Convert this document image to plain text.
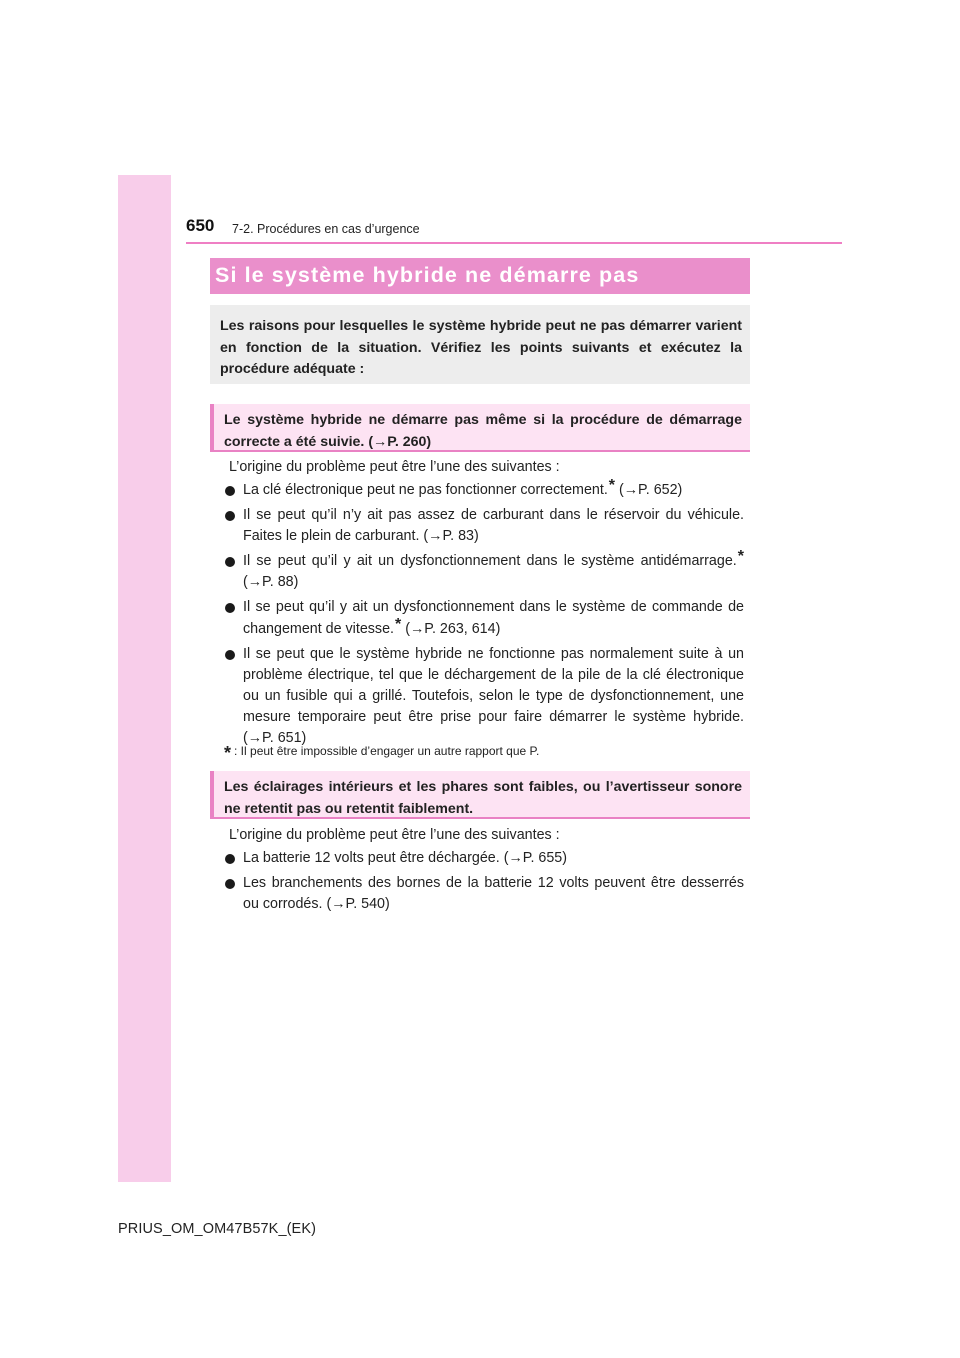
650 7-2. Procédures en cas d’urgence
Si le système hybride ne démarre pas
Les raisons pour lesquelles le système hybride peut ne pas démarrer varient en fonction de la situation. Vérifiez les points suivants et exécutez la procédure adéquate :
Le système hybride ne démarre pas même si la procédure de démarrage correcte a été suivie. (→P. 260)
L’origine du problème peut être l’une des suivantes :
La clé électronique peut ne pas fonctionner correctement.* (→P. 652)
Il se peut qu’il n’y ait pas assez de carburant dans le réservoir du véhicule. Faites le plein de carburant. (→P. 83)
Il se peut qu’il y ait un dysfonctionnement dans le système antidémarrage.* (→P. 88)
Il se peut qu’il y ait un dysfonctionnement dans le système de commande de changement de vitesse.* (→P. 263, 614)
Il se peut que le système hybride ne fonctionne pas normalement suite à un problème électrique, tel que le déchargement de la pile de la clé électronique ou un fusible qui a grillé. Toutefois, selon le type de dysfonctionnement, une mesure temporaire peut être prise pour faire démarrer le système hybride. (→P. 651)
* : Il peut être impossible d’engager un autre rapport que P.
Les éclairages intérieurs et les phares sont faibles, ou l’avertisseur sonore ne retentit pas ou retentit faiblement.
L’origine du problème peut être l’une des suivantes :
La batterie 12 volts peut être déchargée. (→P. 655)
Les branchements des bornes de la batterie 12 volts peuvent être desserrés ou corrodés. (→P. 540)
PRIUS_OM_OM47B57K_(EK)
